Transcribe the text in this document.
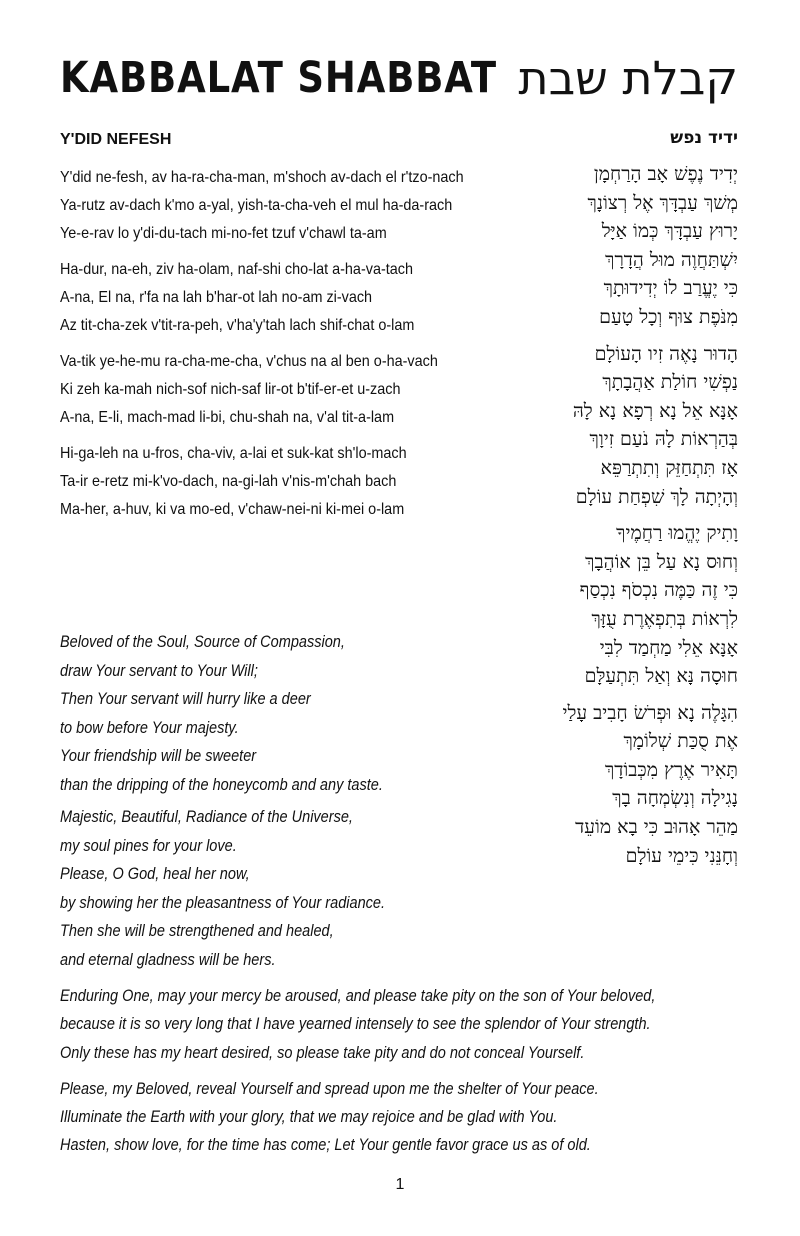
KABBALAT SHABBAT קבלת שבת
Y'DID NEFESH	ידיד נפש
Y'did ne-fesh, av ha-ra-cha-man, m'shoch av-dach el r'tzo-nach
Ya-rutz av-dach k'mo a-yal, yish-ta-cha-veh el mul ha-da-rach
Ye-e-rav lo y'di-du-tach mi-no-fet tzuf v'chawl ta-am
Ha-dur, na-eh, ziv ha-olam, naf-shi cho-lat a-ha-va-tach
A-na, El na, r'fa na lah b'har-ot lah no-am zi-vach
Az tit-cha-zek v'tit-ra-peh, v'ha'y'tah lach shif-chat o-lam
Va-tik ye-he-mu ra-cha-me-cha, v'chus na al ben o-ha-vach
Ki zeh ka-mah nich-sof nich-saf lir-ot b'tif-er-et u-zach
A-na, E-li, mach-mad li-bi, chu-shah na, v'al tit-a-lam
Hi-ga-leh na u-fros, cha-viv, a-lai et suk-kat sh'lo-mach
Ta-ir e-retz mi-k'vo-dach, na-gi-lah v'nis-m'chah bach
Ma-her, a-huv, ki va mo-ed, v'chaw-nei-ni ki-mei o-lam
יְדִיד נֶפֶשׁ אָב הָרַחְמָן
מְשׁךְ עַבְדָּךְ אֶל רְצוֹנָךְ
יָרוּץ עַבְדָּךְ כְּמוֹ אַיָּל
יִשְׁתַּחֲוֶה מוּל הֲדָרָךְ
כִּי יֶעֱרַב לוֹ יְדִידוּתָךְ
מִנֹּפֶת צוּף וְכָל טָעַם
הָדוּר נָאֶה זִיו הָעוֹלָם
נַפְשִׁי חוֹלַת אַהֲבָתָךְ
אָנָּא אֵל נָא רְפָא נָא לָהּ
בְּהַרְאוֹת לָהּ נֹעַם זִיוָךְ
אָז תִּתְחַזֵּק וְתִתְרַפֵּא
וְהָיְתָה לָךְ שִׁפְחַת עוֹלָם
וָתִיק יֶהֱמוּ רַחֲמֶיךָ
וְחוּס נָא עַל בֵּן אוֹהֲבָךְ
כִּי זֶה כַּמֶּה נִכְסֹף נִכְסַף
לִרְאוֹת בְּתִפְאֶרֶת עֻזָּךְ
אָנָּא אֵלִי מַחְמַד לִבִּי
חוּסָה נָּא וְאַל תִּתְעַלָּם
הִגָּלֶה נָא וּפְרֹשׂ חָבִיב עָלַי
אֶת סֻכַּת שְׁלוֹמָךְ
תָּאִיר אֶרֶץ מִכְּבוֹדָךְ
נָגִילָה וְנִשְׂמְחָה בָךְ
מַהֵר אָהוּב כִּי בָא מוֹעֵד
וְחָנֵּנִי כִּימֵי עוֹלָם
Beloved of the Soul, Source of Compassion,
draw Your servant to Your Will;
Then Your servant will hurry like a deer
to bow before Your majesty.
Your friendship will be sweeter
than the dripping of the honeycomb and any taste.
Majestic, Beautiful, Radiance of the Universe,
my soul pines for your love.
Please, O God, heal her now,
by showing her the pleasantness of Your radiance.
Then she will be strengthened and healed,
and eternal gladness will be hers.
Enduring One, may your mercy be aroused, and please take pity on the son of Your beloved,
because it is so very long that I have yearned intensely to see the splendor of Your strength.
Only these has my heart desired, so please take pity and do not conceal Yourself.
Please, my Beloved, reveal Yourself and spread upon me the shelter of Your peace.
Illuminate the Earth with your glory, that we may rejoice and be glad with You.
Hasten, show love, for the time has come; Let Your gentle favor grace us as of old.
1
